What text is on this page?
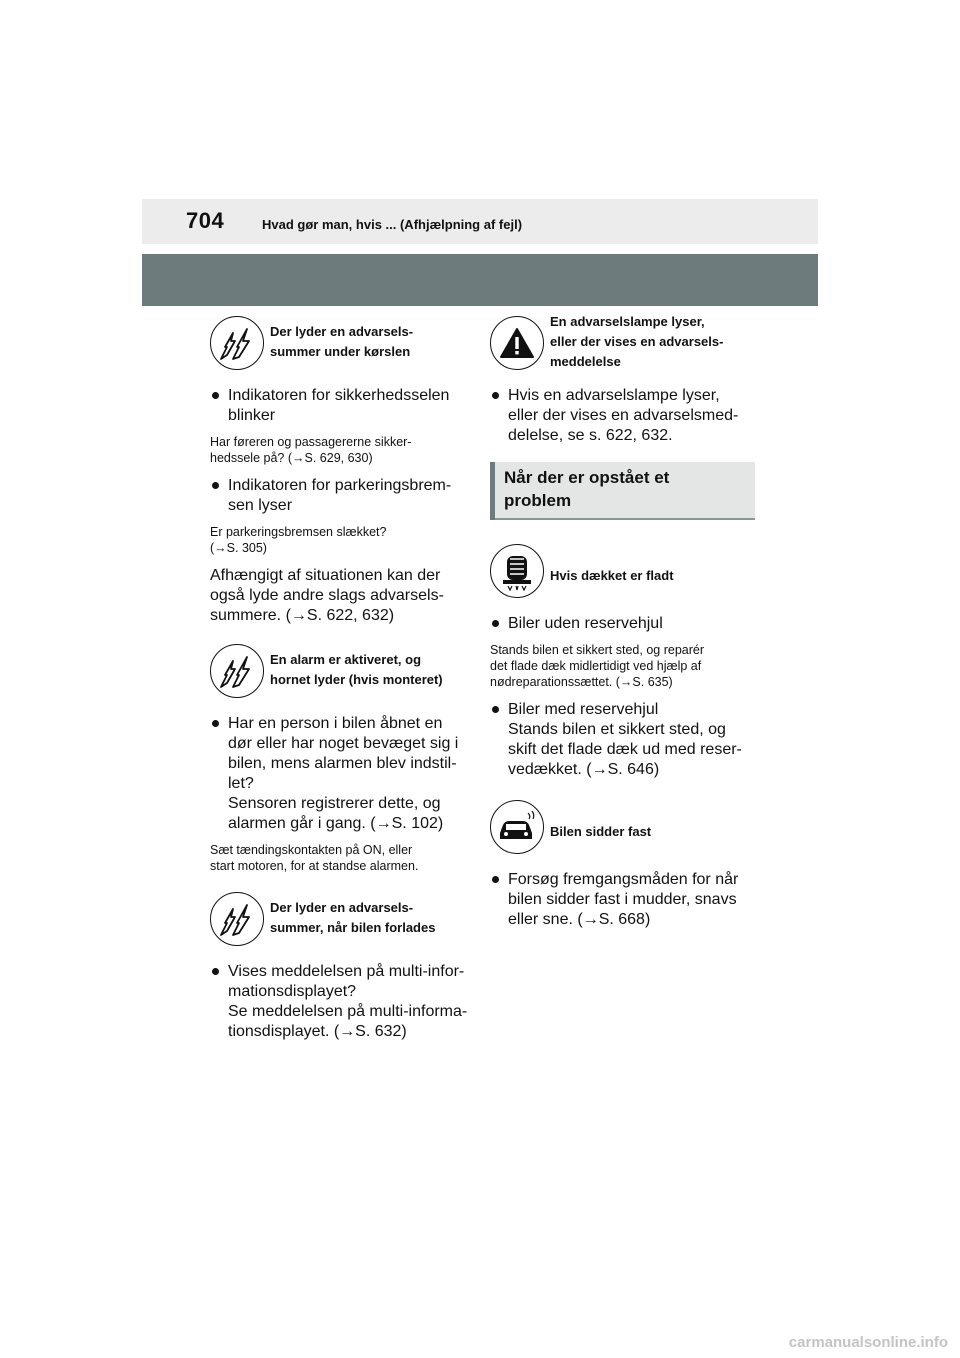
704	Hvad gør man, hvis ... (Afhjælpning af fejl)
Der lyder en advarsels-
summer under kørslen
Indikatoren for sikkerhedsselen
blinker
Har føreren og passagererne sikker-
hedssele på? (→S. 629, 630)
Indikatoren for parkeringsbrem-
sen lyser
Er parkeringsbremsen slækket?
(→S. 305)
Afhængigt af situationen kan der
også lyde andre slags advarsels-
summere. (→S. 622, 632)
En alarm er aktiveret, og
hornet lyder (hvis monteret)
Har en person i bilen åbnet en
dør eller har noget bevæget sig i
bilen, mens alarmen blev indstil-
let?
Sensoren registrerer dette, og
alarmen går i gang. (→S. 102)
Sæt tændingskontakten på ON, eller
start motoren, for at standse alarmen.
Der lyder en advarsels-
summer, når bilen forlades
Vises meddelelsen på multi-infor-
mationsdisplayet?
Se meddelelsen på multi-informa-
tionsdisplayet. (→S. 632)
En advarselslampe lyser,
eller der vises en advarsels-
meddelelse
Hvis en advarselslampe lyser,
eller der vises en advarselsmed-
delelse, se s. 622, 632.
Når der er opstået et
problem
Hvis dækket er fladt
Biler uden reservehjul
Stands bilen et sikkert sted, og reparér
det flade dæk midlertidigt ved hjælp af
nødreparationssættet. (→S. 635)
Biler med reservehjul
Stands bilen et sikkert sted, og
skift det flade dæk ud med reser-
vedækket. (→S. 646)
Bilen sidder fast
Forsøg fremgangsmåden for når
bilen sidder fast i mudder, snavs
eller sne. (→S. 668)
carmanualsonline.info
